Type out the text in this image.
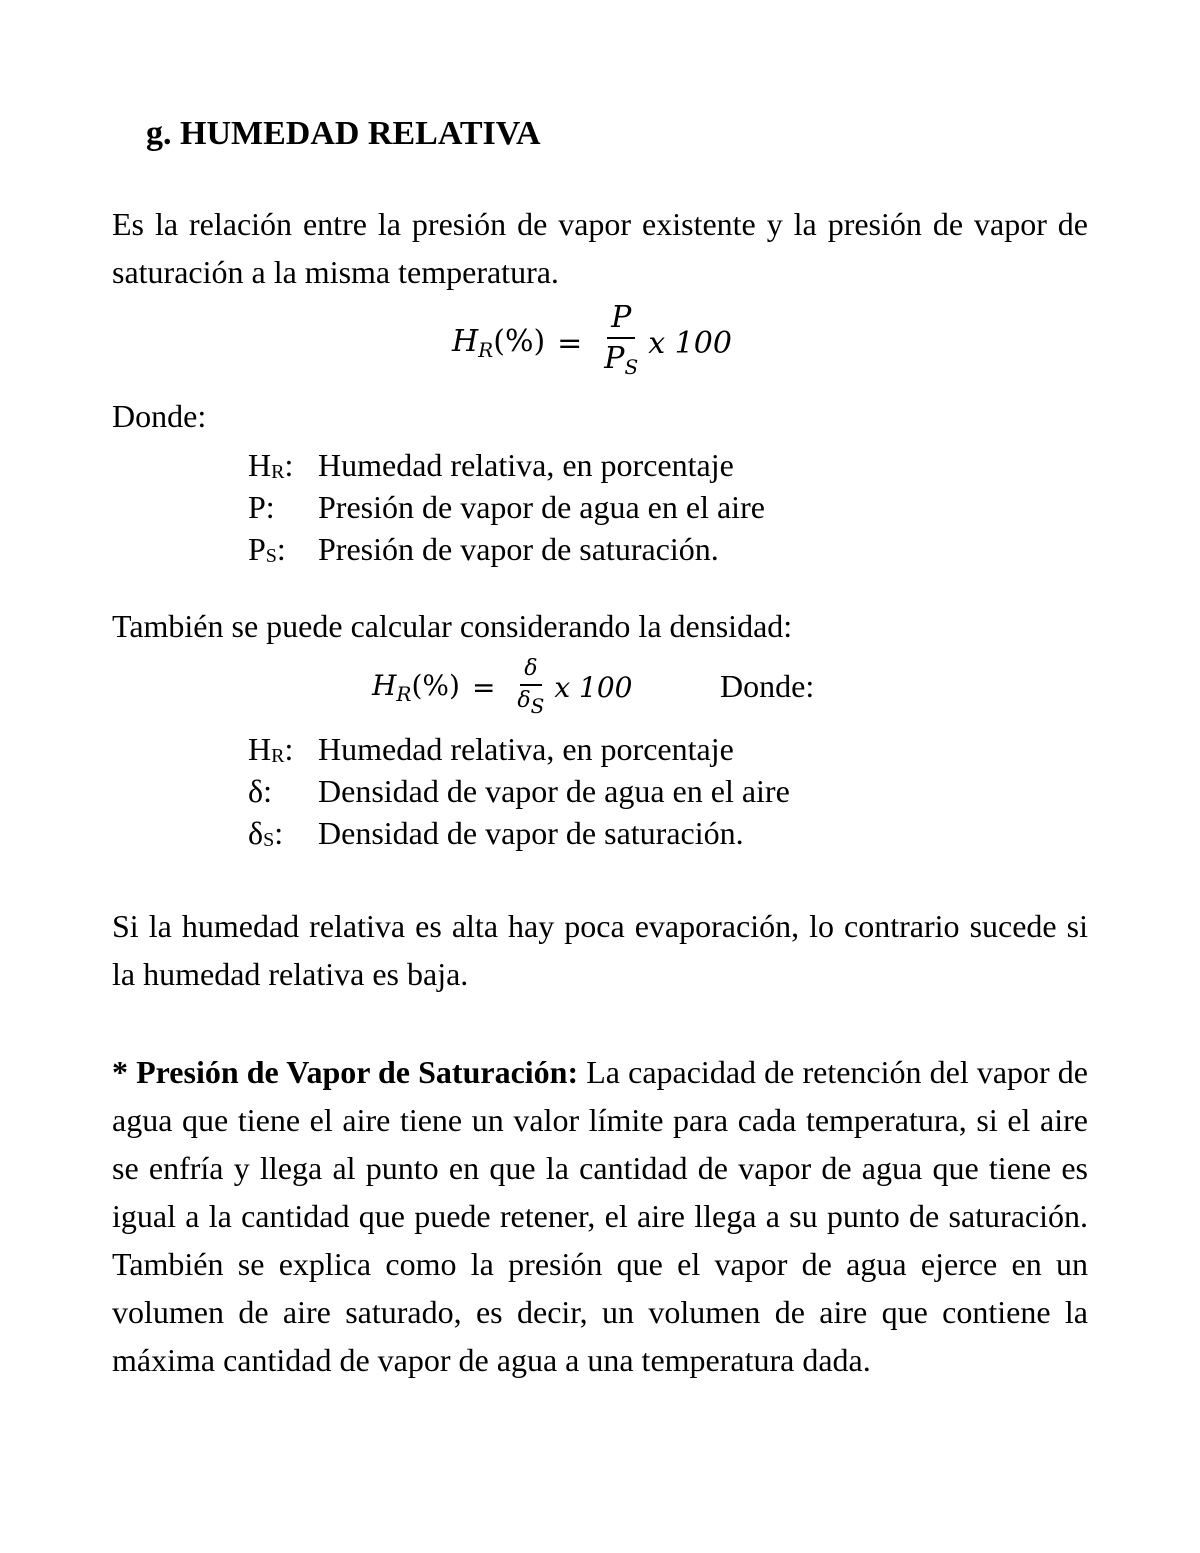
g. HUMEDAD RELATIVA
Es la relación entre la presión de vapor existente y la presión de vapor de saturación a la misma temperatura.
$H_R(\%) = \frac{P}{P_S}$ x 100
Donde:
$H_R$: Humedad relativa, en porcentaje
P:	Presión de vapor de agua en el aire
$P_S$:	Presión de vapor de saturación.
También se puede calcular considerando la densidad:
$H_R(\%) = \frac{\delta}{\delta_S}$ x 100	Donde:
$H_R$: Humedad relativa, en porcentaje
δ:	Densidad de vapor de agua en el aire
$\delta_S$:	Densidad de vapor de saturación.
Si la humedad relativa es alta hay poca evaporación, lo contrario sucede si la humedad relativa es baja.
* Presión de Vapor de Saturación: La capacidad de retención del vapor de agua que tiene el aire tiene un valor límite para cada temperatura, si el aire se enfría y llega al punto en que la cantidad de vapor de agua que tiene es igual a la cantidad que puede retener, el aire llega a su punto de saturación. También se explica como la presión que el vapor de agua ejerce en un volumen de aire saturado, es decir, un volumen de aire que contiene la máxima cantidad de vapor de agua a una temperatura dada.
